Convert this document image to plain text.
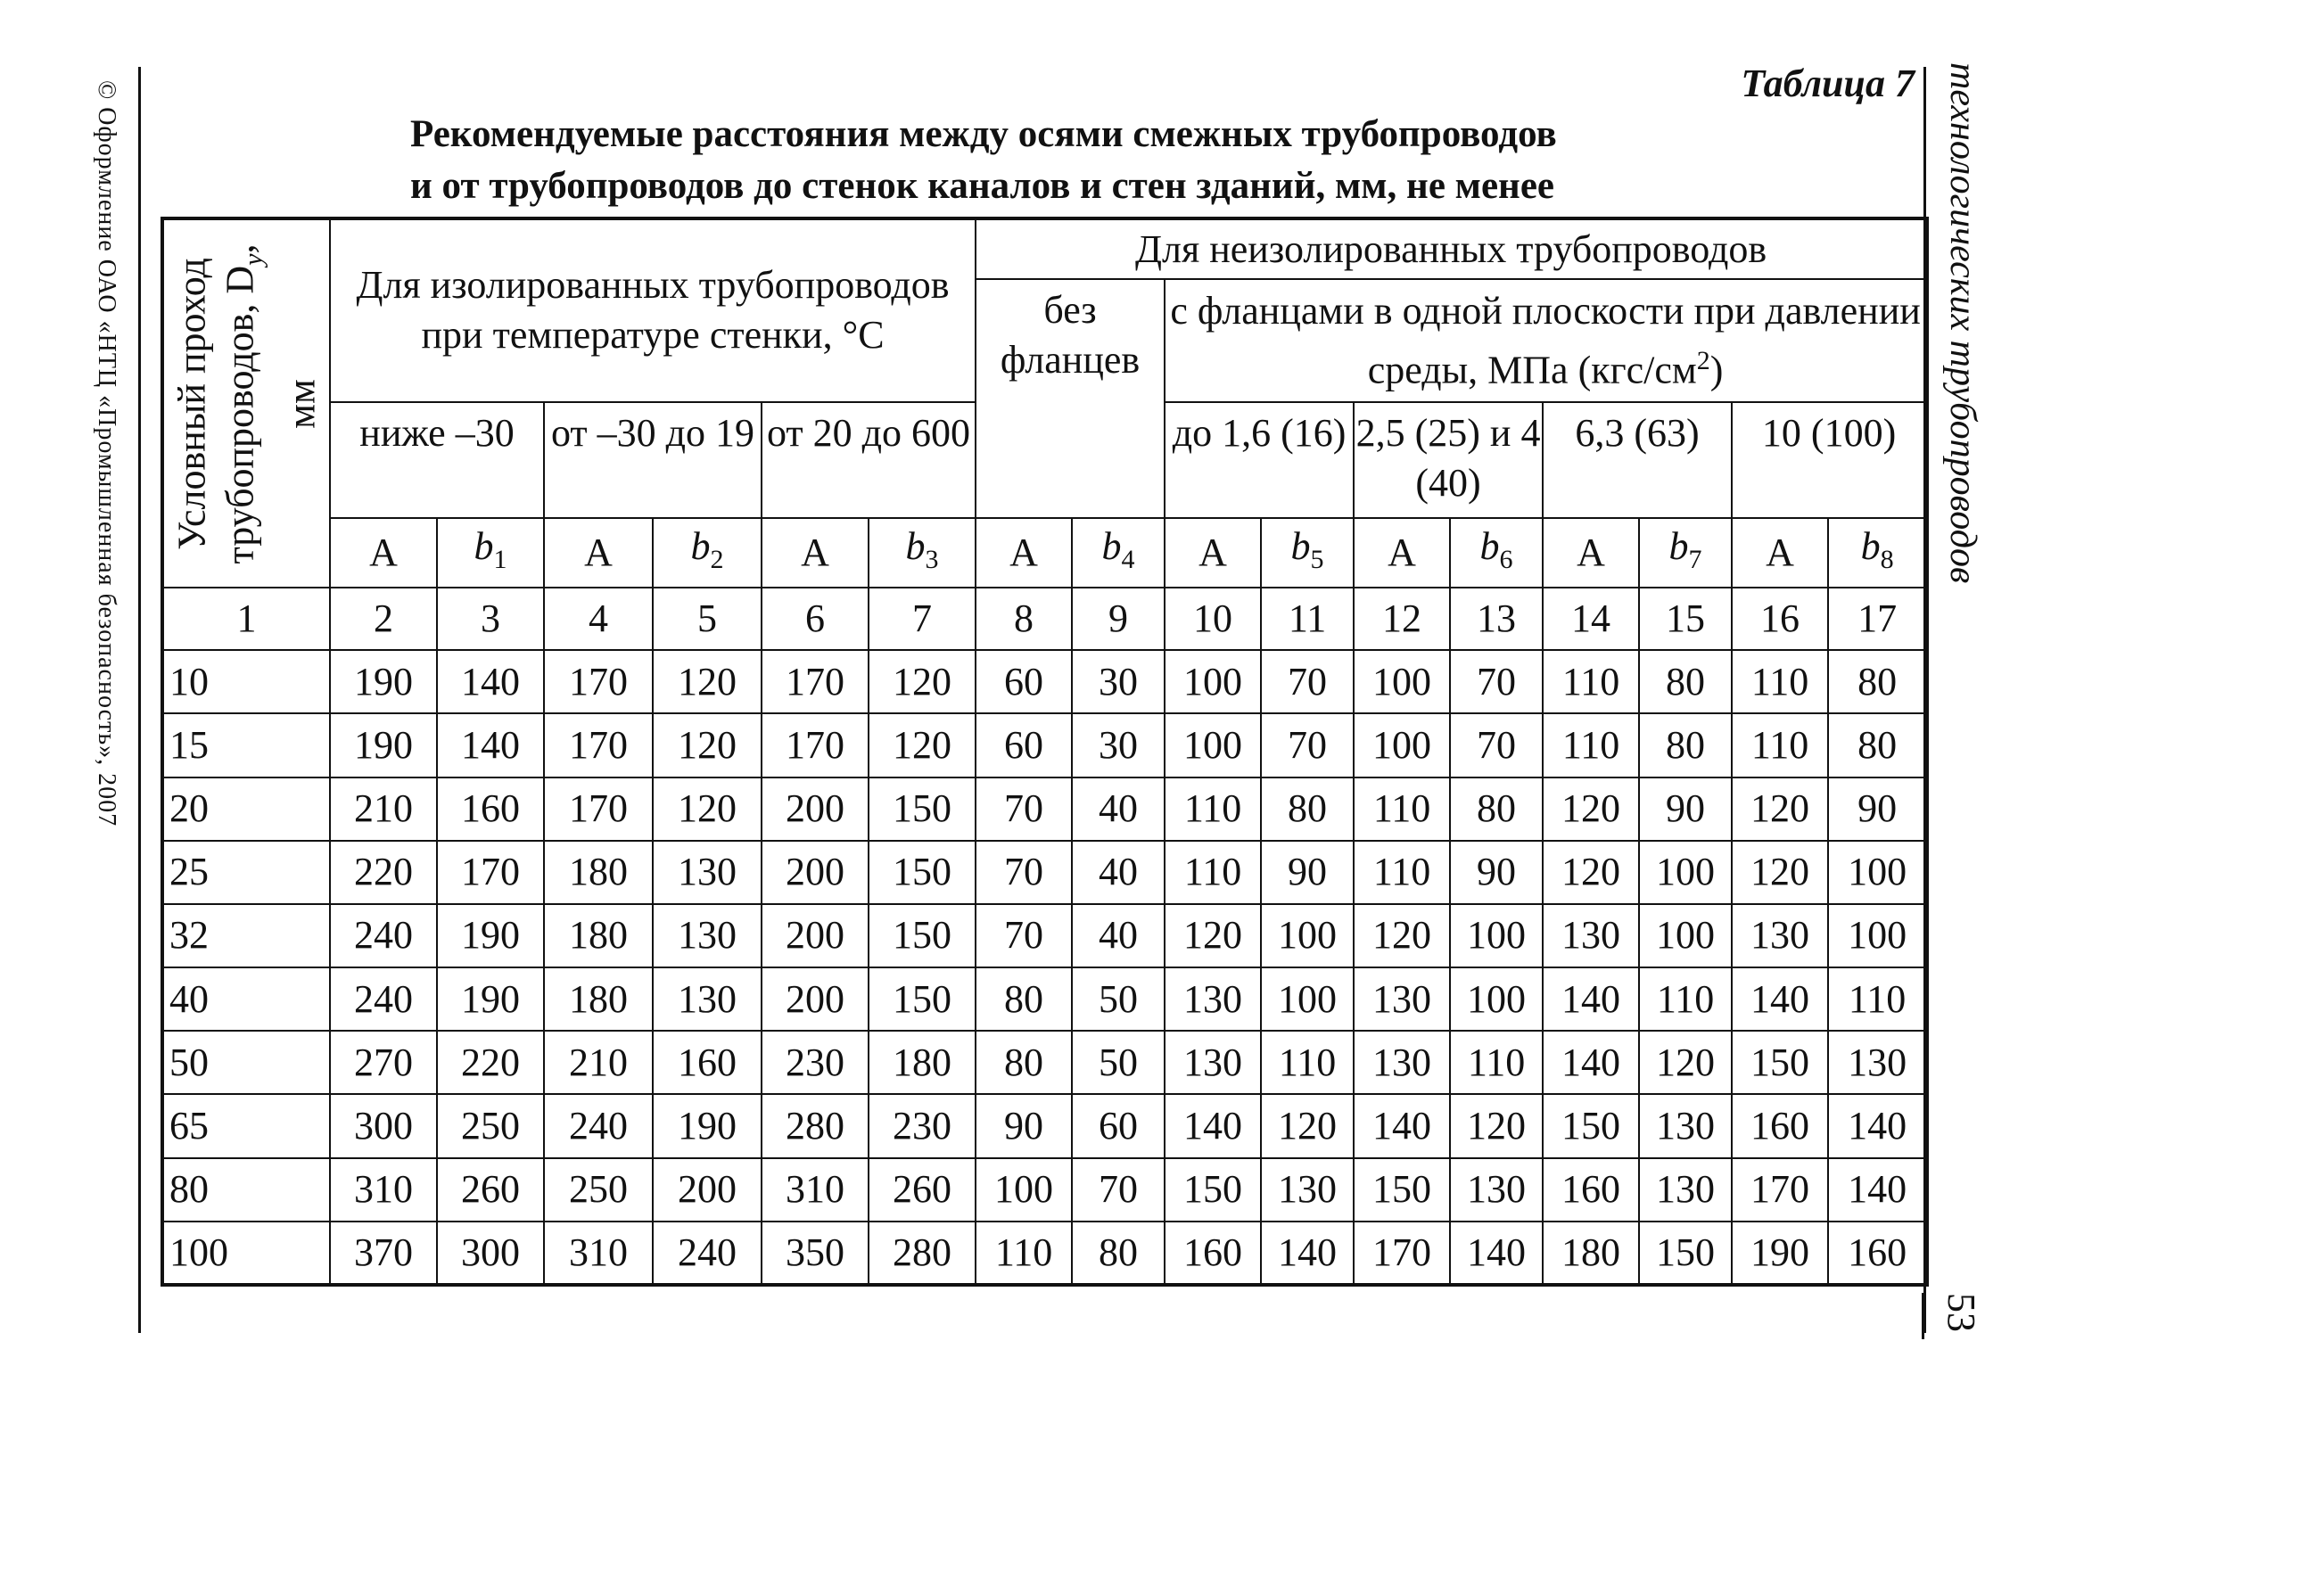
© Оформление ОАО «НТЦ «Промышленная безопасность», 2007	технологических трубопроводов
53
Таблица 7
Рекомендуемые расстояния между осями смежных трубопроводов
и от трубопроводов до стенок каналов и стен зданий, мм, не менее
Условный проход трубопроводов, $D_у$, мм	Для изолированных трубопроводов при температуре стенки, °С						Для неизолированных трубопроводов									
							без фланцев		с фланцами в одной плоскости при давлении среды, МПа $(кгс/см^2)$							
	ниже –30		от –30 до 19		от 20 до 600				до 1,6 (16)		2,5 (25) и 4 (40)		6,3 (63)		10 (100)	
	A	$b_1$	A	$b_2$	A	$b_3$	A	$b_4$	A	$b_5$	A	$b_6$	A	$b_7$	A	$b_8$
1	2	3	4	5	6	7	8	9	10	11	12	13	14	15	16	17
10	190	140	170	120	170	120	60	30	100	70	100	70	110	80	110	80
15	190	140	170	120	170	120	60	30	100	70	100	70	110	80	110	80
20	210	160	170	120	200	150	70	40	110	80	110	80	120	90	120	90
25	220	170	180	130	200	150	70	40	110	90	110	90	120	100	120	100
32	240	190	180	130	200	150	70	40	120	100	120	100	130	100	130	100
40	240	190	180	130	200	150	80	50	130	100	130	100	140	110	140	110
50	270	220	210	160	230	180	80	50	130	110	130	110	140	120	150	130
65	300	250	240	190	280	230	90	60	140	120	140	120	150	130	160	140
80	310	260	250	200	310	260	100	70	150	130	150	130	160	130	170	140
100	370	300	310	240	350	280	110	80	160	140	170	140	180	150	190	160
